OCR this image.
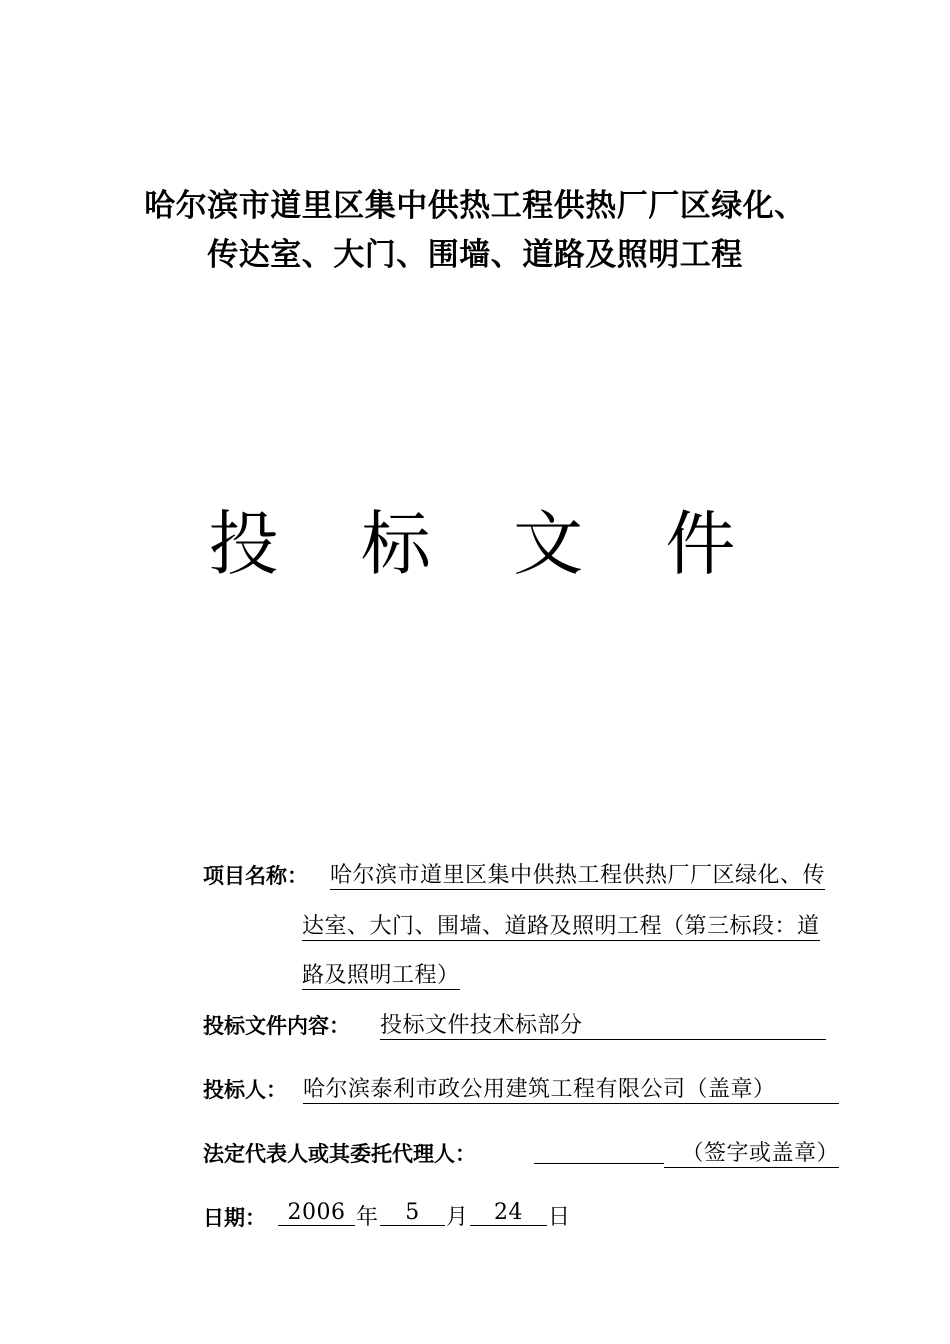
哈尔滨市道里区集中供热工程供热厂厂区绿化、
传达室、大门、围墙、道路及照明工程
投 标 文 件
项目名称： 哈尔滨市道里区集中供热工程供热厂厂区绿化、传
达室、大门、围墙、道路及照明工程（第三标段：道
路及照明工程）
投标文件内容： 投标文件技术标部分
投标人： 哈尔滨泰利市政公用建筑工程有限公司（盖章）
法定代表人或其委托代理人：	（签字或盖章）
日期： 2006 年	5	月	24	日
